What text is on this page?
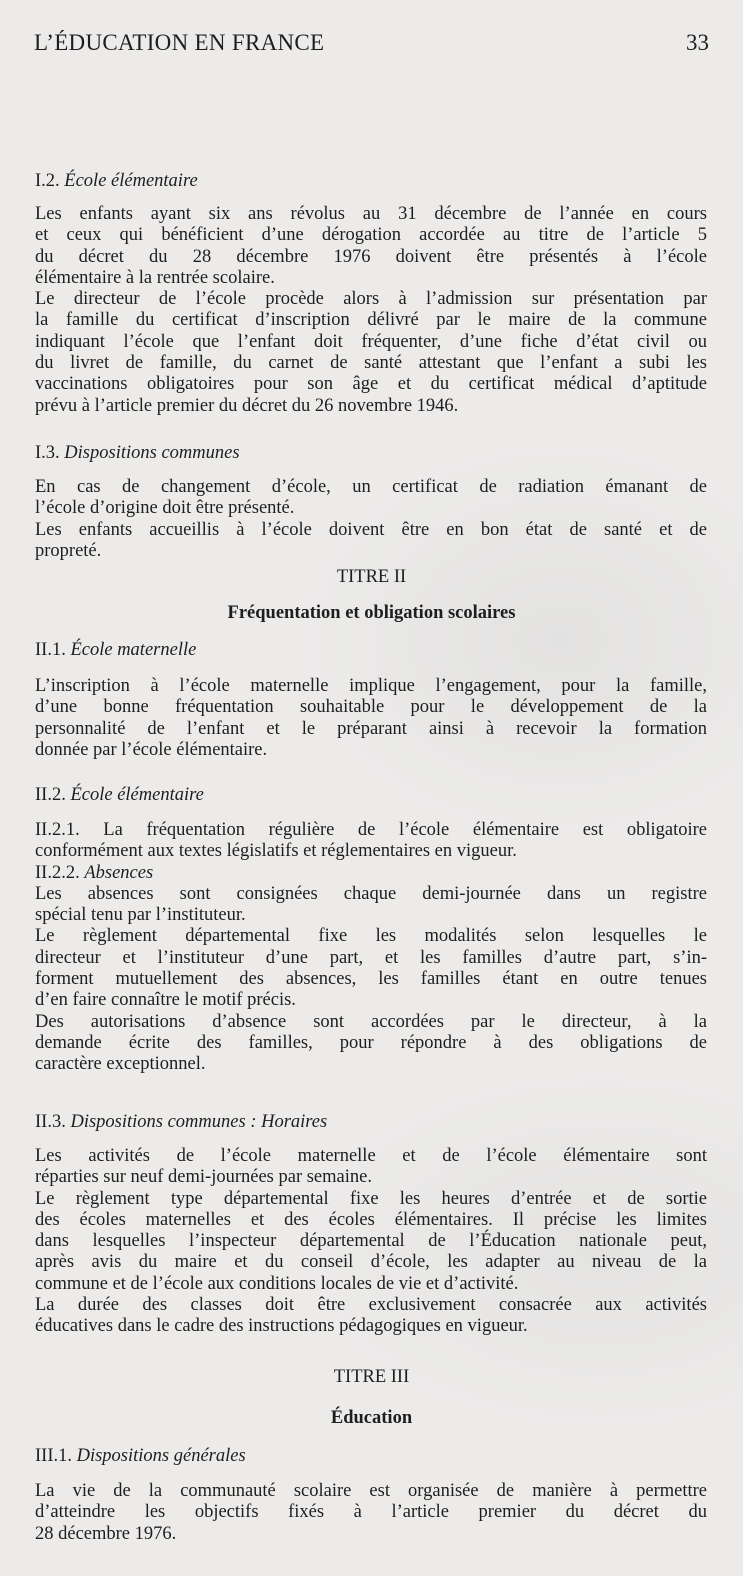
L’ÉDUCATION EN FRANCE	33
I.2. École élémentaire
Les enfants ayant six ans révolus au 31 décembre de l’année en cours
et ceux qui bénéficient d’une dérogation accordée au titre de l’article 5
du décret du 28 décembre 1976 doivent être présentés à l’école
élémentaire à la rentrée scolaire.
Le directeur de l’école procède alors à l’admission sur présentation par
la famille du certificat d’inscription délivré par le maire de la commune
indiquant l’école que l’enfant doit fréquenter, d’une fiche d’état civil ou
du livret de famille, du carnet de santé attestant que l’enfant a subi les
vaccinations obligatoires pour son âge et du certificat médical d’aptitude
prévu à l’article premier du décret du 26 novembre 1946.
I.3. Dispositions communes
En cas de changement d’école, un certificat de radiation émanant de
l’école d’origine doit être présenté.
Les enfants accueillis à l’école doivent être en bon état de santé et de
propreté.
TITRE II
Fréquentation et obligation scolaires
II.1. École maternelle
L’inscription à l’école maternelle implique l’engagement, pour la famille,
d’une bonne fréquentation souhaitable pour le développement de la
personnalité de l’enfant et le préparant ainsi à recevoir la formation
donnée par l’école élémentaire.
II.2. École élémentaire
II.2.1. La fréquentation régulière de l’école élémentaire est obligatoire
conformément aux textes législatifs et réglementaires en vigueur.
II.2.2. Absences
Les absences sont consignées chaque demi-journée dans un registre
spécial tenu par l’instituteur.
Le règlement départemental fixe les modalités selon lesquelles le
directeur et l’instituteur d’une part, et les familles d’autre part, s’in-
forment mutuellement des absences, les familles étant en outre tenues
d’en faire connaître le motif précis.
Des autorisations d’absence sont accordées par le directeur, à la
demande écrite des familles, pour répondre à des obligations de
caractère exceptionnel.
II.3. Dispositions communes : Horaires
Les activités de l’école maternelle et de l’école élémentaire sont
réparties sur neuf demi-journées par semaine.
Le règlement type départemental fixe les heures d’entrée et de sortie
des écoles maternelles et des écoles élémentaires. Il précise les limites
dans lesquelles l’inspecteur départemental de l’Éducation nationale peut,
après avis du maire et du conseil d’école, les adapter au niveau de la
commune et de l’école aux conditions locales de vie et d’activité.
La durée des classes doit être exclusivement consacrée aux activités
éducatives dans le cadre des instructions pédagogiques en vigueur.
TITRE III
Éducation
III.1. Dispositions générales
La vie de la communauté scolaire est organisée de manière à permettre
d’atteindre les objectifs fixés à l’article premier du décret du
28 décembre 1976.
